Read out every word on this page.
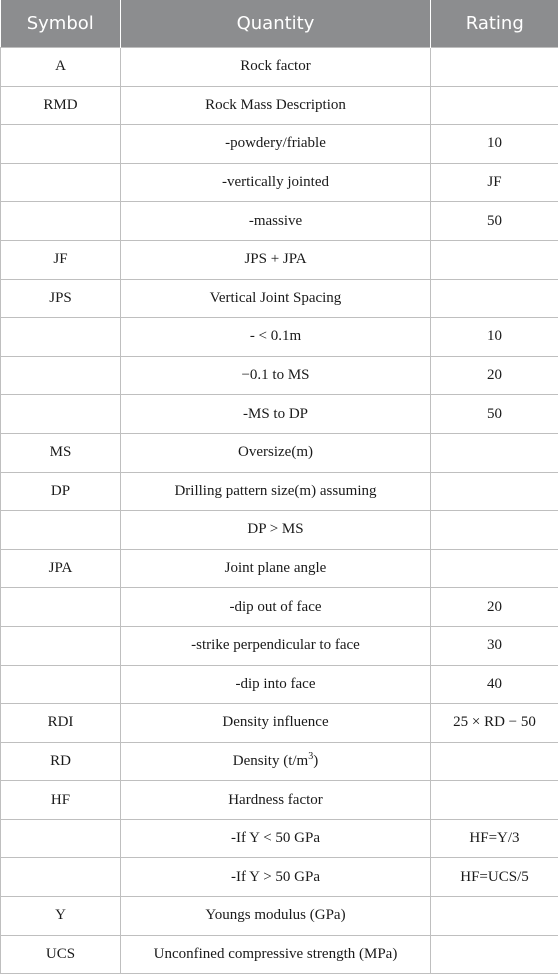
Symbol	Quantity	Rating
A	Rock factor	
RMD	Rock Mass Description	
	-powdery/friable	10
	-vertically jointed	JF
	-massive	50
JF	JPS + JPA	
JPS	Vertical Joint Spacing	
	- < 0.1m	10
	−0.1 to MS	20
	-MS to DP	50
MS	Oversize(m)	
DP	Drilling pattern size(m) assuming	
	DP > MS	
JPA	Joint plane angle	
	-dip out of face	20
	-strike perpendicular to face	30
	-dip into face	40
RDI	Density influence	25 × RD − 50
RD	Density $(t/m^3)$	
HF	Hardness factor	
	-If Y < 50 GPa	HF=Y/3
	-If Y > 50 GPa	HF=UCS/5
Y	Youngs modulus (GPa)	
UCS	Unconfined compressive strength (MPa)	
